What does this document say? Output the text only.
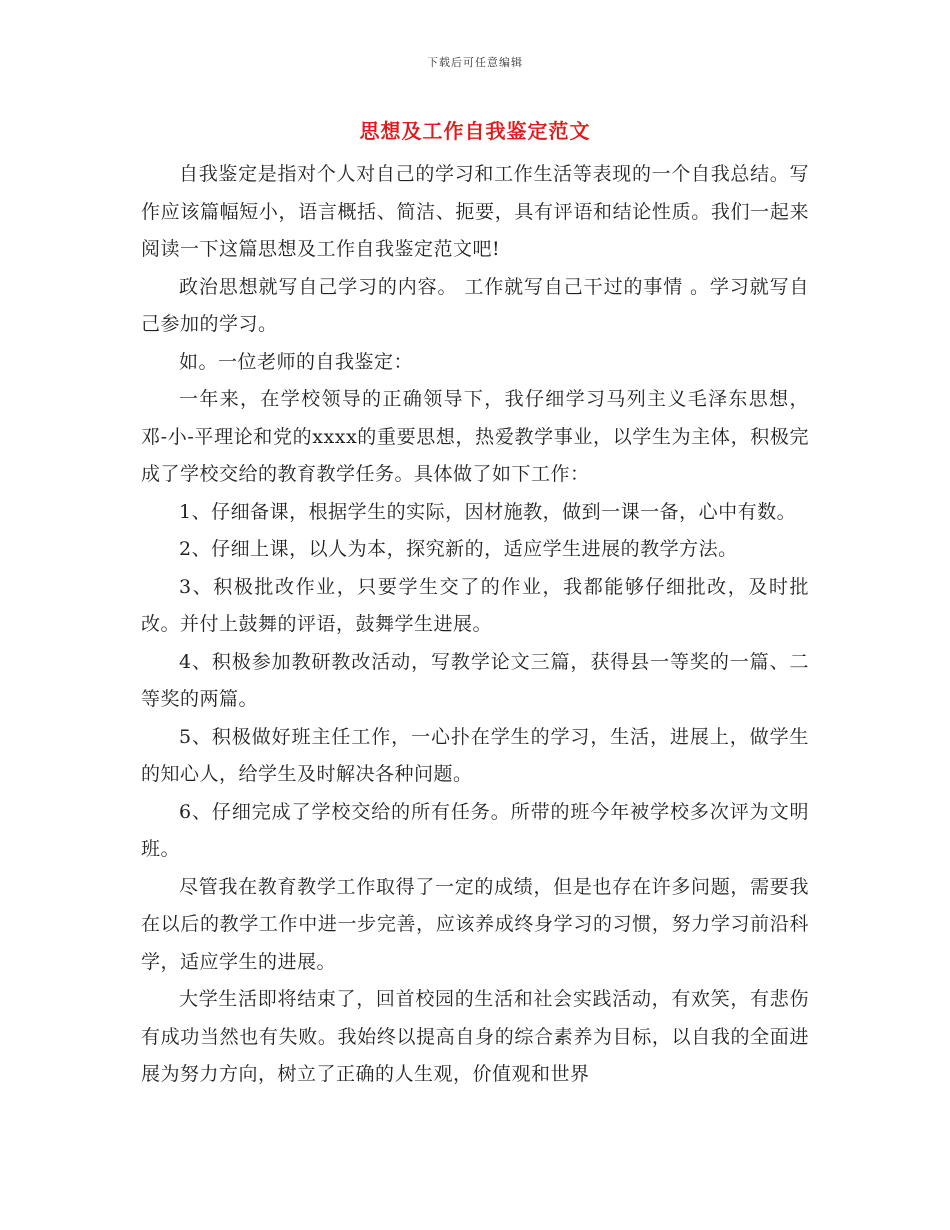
下载后可任意编辑
思想及工作自我鉴定范文

自我鉴定是指对个人对自己的学习和工作生活等表现的一个自我总结。写作应该篇幅短小，语言概括、简洁、扼要，具有评语和结论性质。我们一起来阅读一下这篇思想及工作自我鉴定范文吧!

政治思想就写自己学习的内容。 工作就写自己干过的事情 。学习就写自己参加的学习。

如。一位老师的自我鉴定：

一年来，在学校领导的正确领导下，我仔细学习马列主义毛泽东思想，邓-小-平理论和党的xxxx的重要思想，热爱教学事业，以学生为主体，积极完成了学校交给的教育教学任务。具体做了如下工作：

1、仔细备课，根据学生的实际，因材施教，做到一课一备，心中有数。

2、仔细上课，以人为本，探究新的，适应学生进展的教学方法。

3、积极批改作业，只要学生交了的作业，我都能够仔细批改，及时批改。并付上鼓舞的评语，鼓舞学生进展。

4、积极参加教研教改活动，写教学论文三篇，获得县一等奖的一篇、二等奖的两篇。

5、积极做好班主任工作，一心扑在学生的学习，生活，进展上，做学生的知心人，给学生及时解决各种问题。

6、仔细完成了学校交给的所有任务。所带的班今年被学校多次评为文明班。

尽管我在教育教学工作取得了一定的成绩，但是也存在许多问题，需要我在以后的教学工作中进一步完善，应该养成终身学习的习惯，努力学习前沿科学，适应学生的进展。

大学生活即将结束了，回首校园的生活和社会实践活动，有欢笑，有悲伤有成功当然也有失败。我始终以提高自身的综合素养为目标，以自我的全面进展为努力方向，树立了正确的人生观，价值观和世界
